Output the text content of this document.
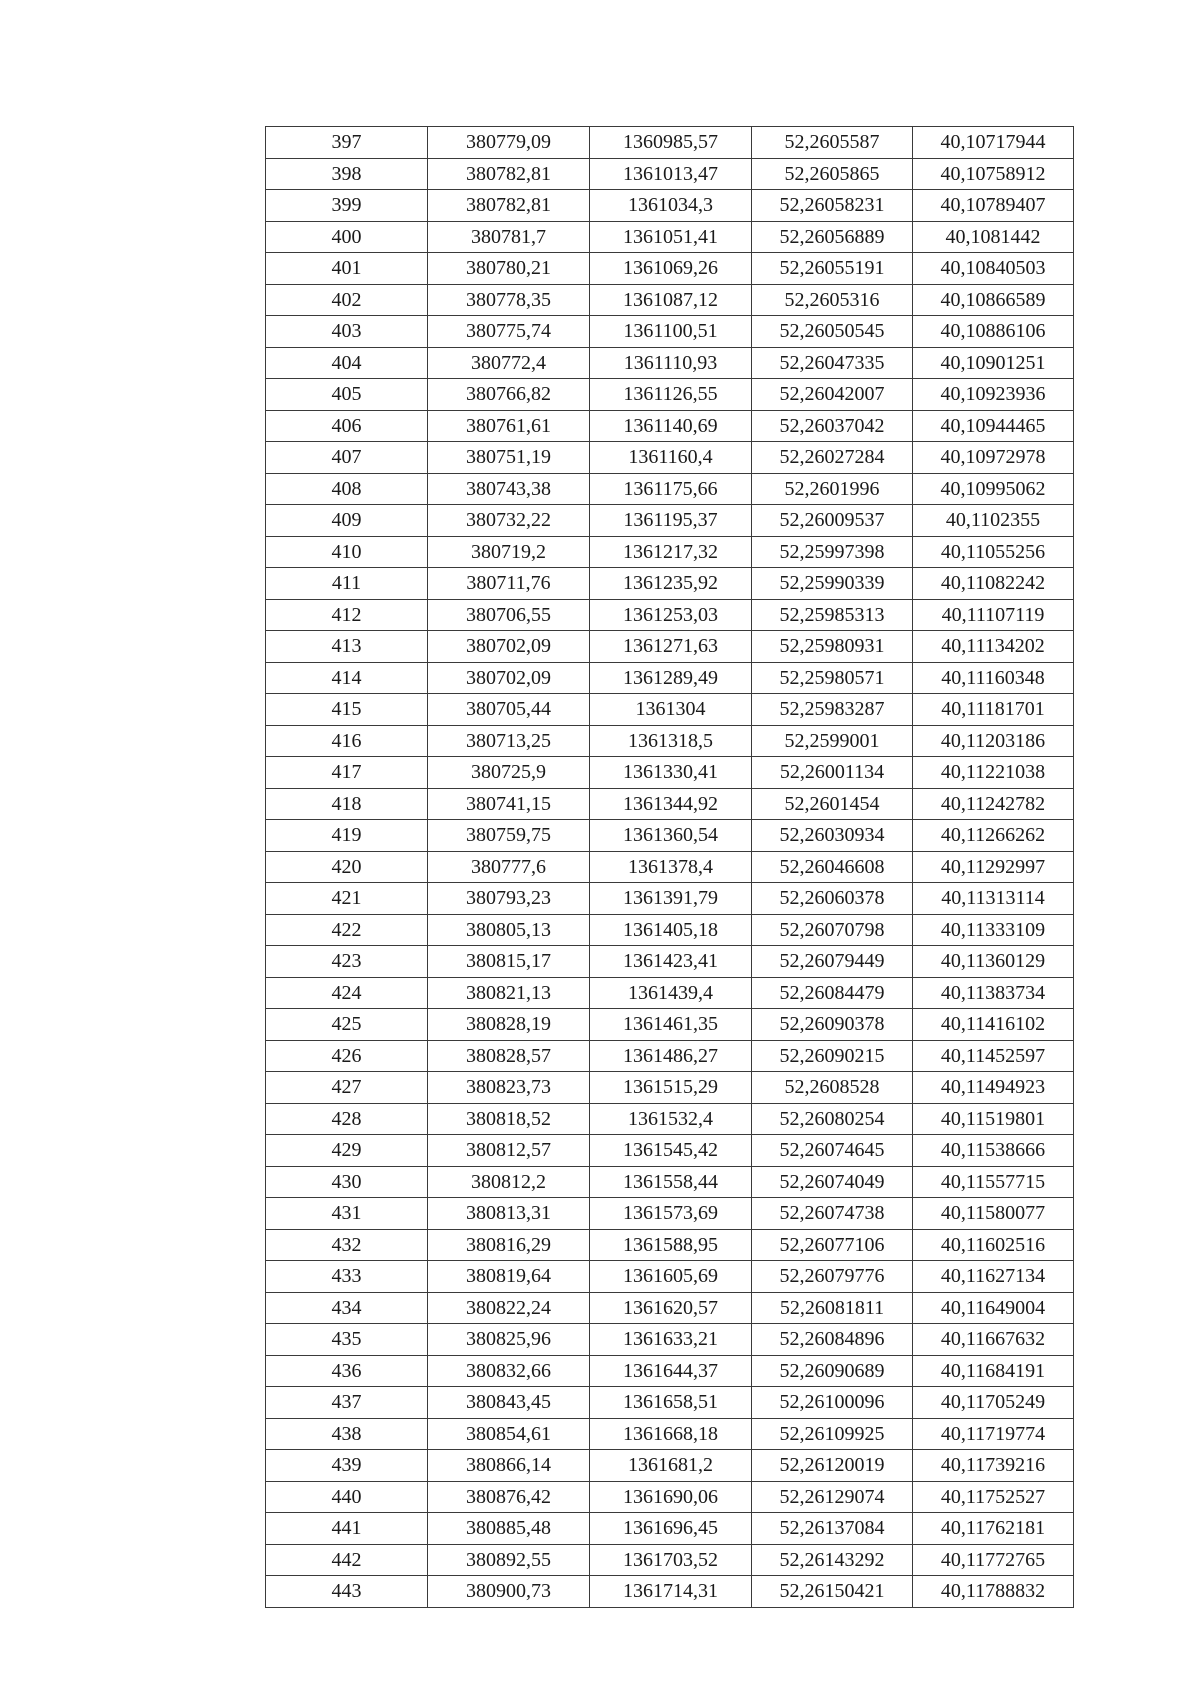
397	380779,09	1360985,57	52,2605587	40,10717944
398	380782,81	1361013,47	52,2605865	40,10758912
399	380782,81	1361034,3	52,26058231	40,10789407
400	380781,7	1361051,41	52,26056889	40,1081442
401	380780,21	1361069,26	52,26055191	40,10840503
402	380778,35	1361087,12	52,2605316	40,10866589
403	380775,74	1361100,51	52,26050545	40,10886106
404	380772,4	1361110,93	52,26047335	40,10901251
405	380766,82	1361126,55	52,26042007	40,10923936
406	380761,61	1361140,69	52,26037042	40,10944465
407	380751,19	1361160,4	52,26027284	40,10972978
408	380743,38	1361175,66	52,2601996	40,10995062
409	380732,22	1361195,37	52,26009537	40,1102355
410	380719,2	1361217,32	52,25997398	40,11055256
411	380711,76	1361235,92	52,25990339	40,11082242
412	380706,55	1361253,03	52,25985313	40,11107119
413	380702,09	1361271,63	52,25980931	40,11134202
414	380702,09	1361289,49	52,25980571	40,11160348
415	380705,44	1361304	52,25983287	40,11181701
416	380713,25	1361318,5	52,2599001	40,11203186
417	380725,9	1361330,41	52,26001134	40,11221038
418	380741,15	1361344,92	52,2601454	40,11242782
419	380759,75	1361360,54	52,26030934	40,11266262
420	380777,6	1361378,4	52,26046608	40,11292997
421	380793,23	1361391,79	52,26060378	40,11313114
422	380805,13	1361405,18	52,26070798	40,11333109
423	380815,17	1361423,41	52,26079449	40,11360129
424	380821,13	1361439,4	52,26084479	40,11383734
425	380828,19	1361461,35	52,26090378	40,11416102
426	380828,57	1361486,27	52,26090215	40,11452597
427	380823,73	1361515,29	52,2608528	40,11494923
428	380818,52	1361532,4	52,26080254	40,11519801
429	380812,57	1361545,42	52,26074645	40,11538666
430	380812,2	1361558,44	52,26074049	40,11557715
431	380813,31	1361573,69	52,26074738	40,11580077
432	380816,29	1361588,95	52,26077106	40,11602516
433	380819,64	1361605,69	52,26079776	40,11627134
434	380822,24	1361620,57	52,26081811	40,11649004
435	380825,96	1361633,21	52,26084896	40,11667632
436	380832,66	1361644,37	52,26090689	40,11684191
437	380843,45	1361658,51	52,26100096	40,11705249
438	380854,61	1361668,18	52,26109925	40,11719774
439	380866,14	1361681,2	52,26120019	40,11739216
440	380876,42	1361690,06	52,26129074	40,11752527
441	380885,48	1361696,45	52,26137084	40,11762181
442	380892,55	1361703,52	52,26143292	40,11772765
443	380900,73	1361714,31	52,26150421	40,11788832
